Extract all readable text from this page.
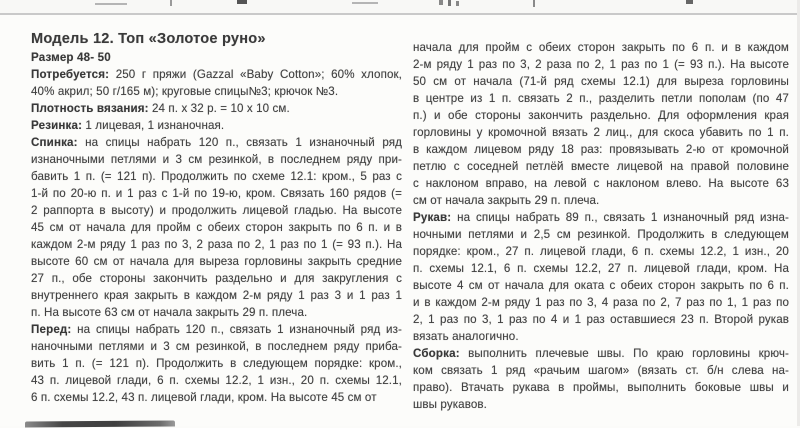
Модель 12. Топ «Золотое руно»
Размер 48- 50
Потребуется: 250 г пряжи (Gazzal «Baby Cotton»; 60% хлопок,
40% акрил; 50 г/165 м); круговые спицы№3; крючок №3.
Плотность вязания: 24 п. х 32 р. = 10 х 10 см.
Резинка: 1 лицевая, 1 изнаночная.
Спинка: на спицы набрать 120 п., связать 1 изнаночный ряд
изнаночными петлями и 3 см резинкой, в последнем ряду при-
бавить 1 п. (= 121 п). Продолжить по схеме 12.1: кром., 5 раз с
1-й по 20-ю п. и 1 раз с 1-й по 19-ю, кром. Связать 160 рядов (=
2 раппорта в высоту) и продолжить лицевой гладью. На высоте
45 см от начала для пройм с обеих сторон закрыть по 6 п. и в
каждом 2-м ряду 1 раз по 3, 2 раза по 2, 1 раз по 1 (= 93 п.). На
высоте 60 см от начала для выреза горловины закрыть средние
27 п., обе стороны закончить раздельно и для закругления с
внутреннего края закрыть в каждом 2-м ряду 1 раз 3 и 1 раз 1
п. На высоте 63 см от начала закрыть 29 п. плеча.
Перед: на спицы набрать 120 п., связать 1 изнаночный ряд из-
наночными петлями и 3 см резинкой, в последнем ряду приба-
вить 1 п. (= 121 п). Продолжить в следующем порядке: кром.,
43 п. лицевой глади, 6 п. схемы 12.2, 1 изн., 20 п. схемы 12.1,
6 п. схемы 12.2, 43 п. лицевой глади, кром. На высоте 45 см от
начала для пройм с обеих сторон закрыть по 6 п. и в каждом
2-м ряду 1 раз по 3, 2 раза по 2, 1 раз по 1 (= 93 п.). На высоте
50 см от начала (71-й ряд схемы 12.1) для выреза горловины
в центре из 1 п. связать 2 п., разделить петли пополам (по 47
п.) и обе стороны закончить раздельно. Для оформления края
горловины у кромочной вязать 2 лиц., для скоса убавить по 1 п.
в каждом лицевом ряду 18 раз: провязывать 2-ю от кромочной
петлю с соседней петлёй вместе лицевой на правой половине
с наклоном вправо, на левой с наклоном влево. На высоте 63
см от начала закрыть 29 п. плеча.
Рукав: на спицы набрать 89 п., связать 1 изнаночный ряд изна-
ночными петлями и 2,5 см резинкой. Продолжить в следующем
порядке: кром., 27 п. лицевой глади, 6 п. схемы 12.2, 1 изн., 20
п. схемы 12.1, 6 п. схемы 12.2, 27 п. лицевой глади, кром. На
высоте 4 см от начала для оката с обеих сторон закрыть по 6 п.
и в каждом 2-м ряду 1 раз по 3, 4 раза по 2, 7 раз по 1, 1 раз по
2, 1 раз по 3, 1 раз по 4 и 1 раз оставшиеся 23 п. Второй рукав
вязать аналогично.
Сборка: выполнить плечевые швы. По краю горловины крюч-
ком связать 1 ряд «рачьим шагом» (вязать ст. б/н слева на-
право). Втачать рукава в проймы, выполнить боковые швы и
швы рукавов.
